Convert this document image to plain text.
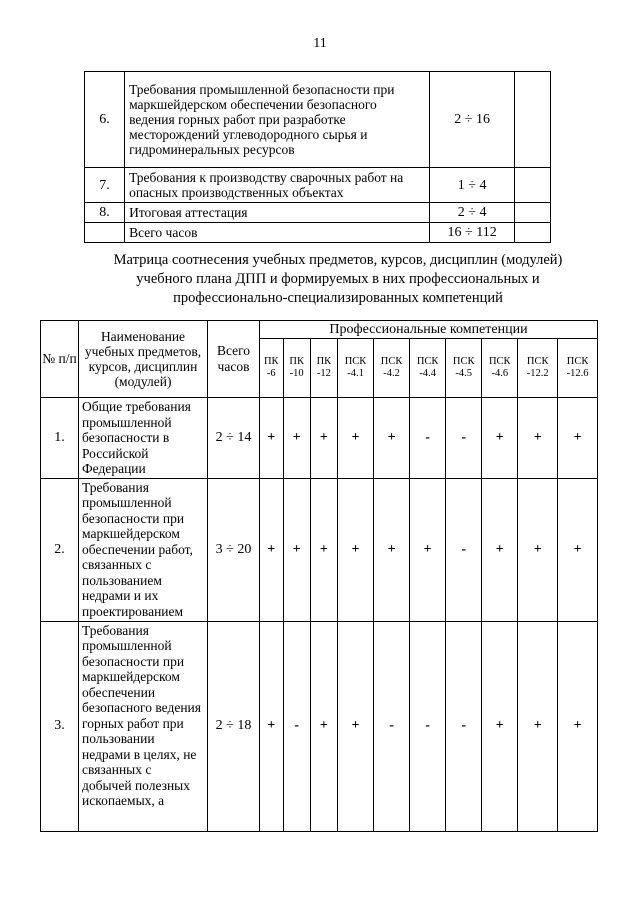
11
6.	Требования промышленной безопасности при маркшейдерском обеспечении безопасного ведения горных работ при разработке месторождений углеводородного сырья и гидроминеральных ресурсов	2 ÷ 16	
7.	Требования к производству сварочных работ на опасных производственных объектах	1 ÷ 4	
8.	Итоговая аттестация	2 ÷ 4	
	Всего часов	16 ÷ 112	
Матрица соотнесения учебных предметов, курсов, дисциплин (модулей) учебного плана ДПП и формируемых в них профессиональных и профессионально-специализированных компетенций
№ п/п	Наименование учебных предметов, курсов, дисциплин (модулей)	Всего часов	Профессиональные компетенции									
			ПК -6	ПК -10	ПК -12	ПСК -4.1	ПСК -4.2	ПСК -4.4	ПСК -4.5	ПСК -4.6	ПСК -12.2	ПСК -12.6
1.	Общие требования промышленной безопасности в Российской Федерации	2 ÷ 14	+	+	+	+	+	-	-	+	+	+
2.	Требования промышленной безопасности при маркшейдерском обеспечении работ, связанных с пользованием недрами и их проектированием	3 ÷ 20	+	+	+	+	+	+	-	+	+	+
3.	Требования промышленной безопасности при маркшейдерском обеспечении безопасного ведения горных работ при пользовании недрами в целях, не связанных с добычей полезных ископаемых, а	2 ÷ 18	+	-	+	+	-	-	-	+	+	+
